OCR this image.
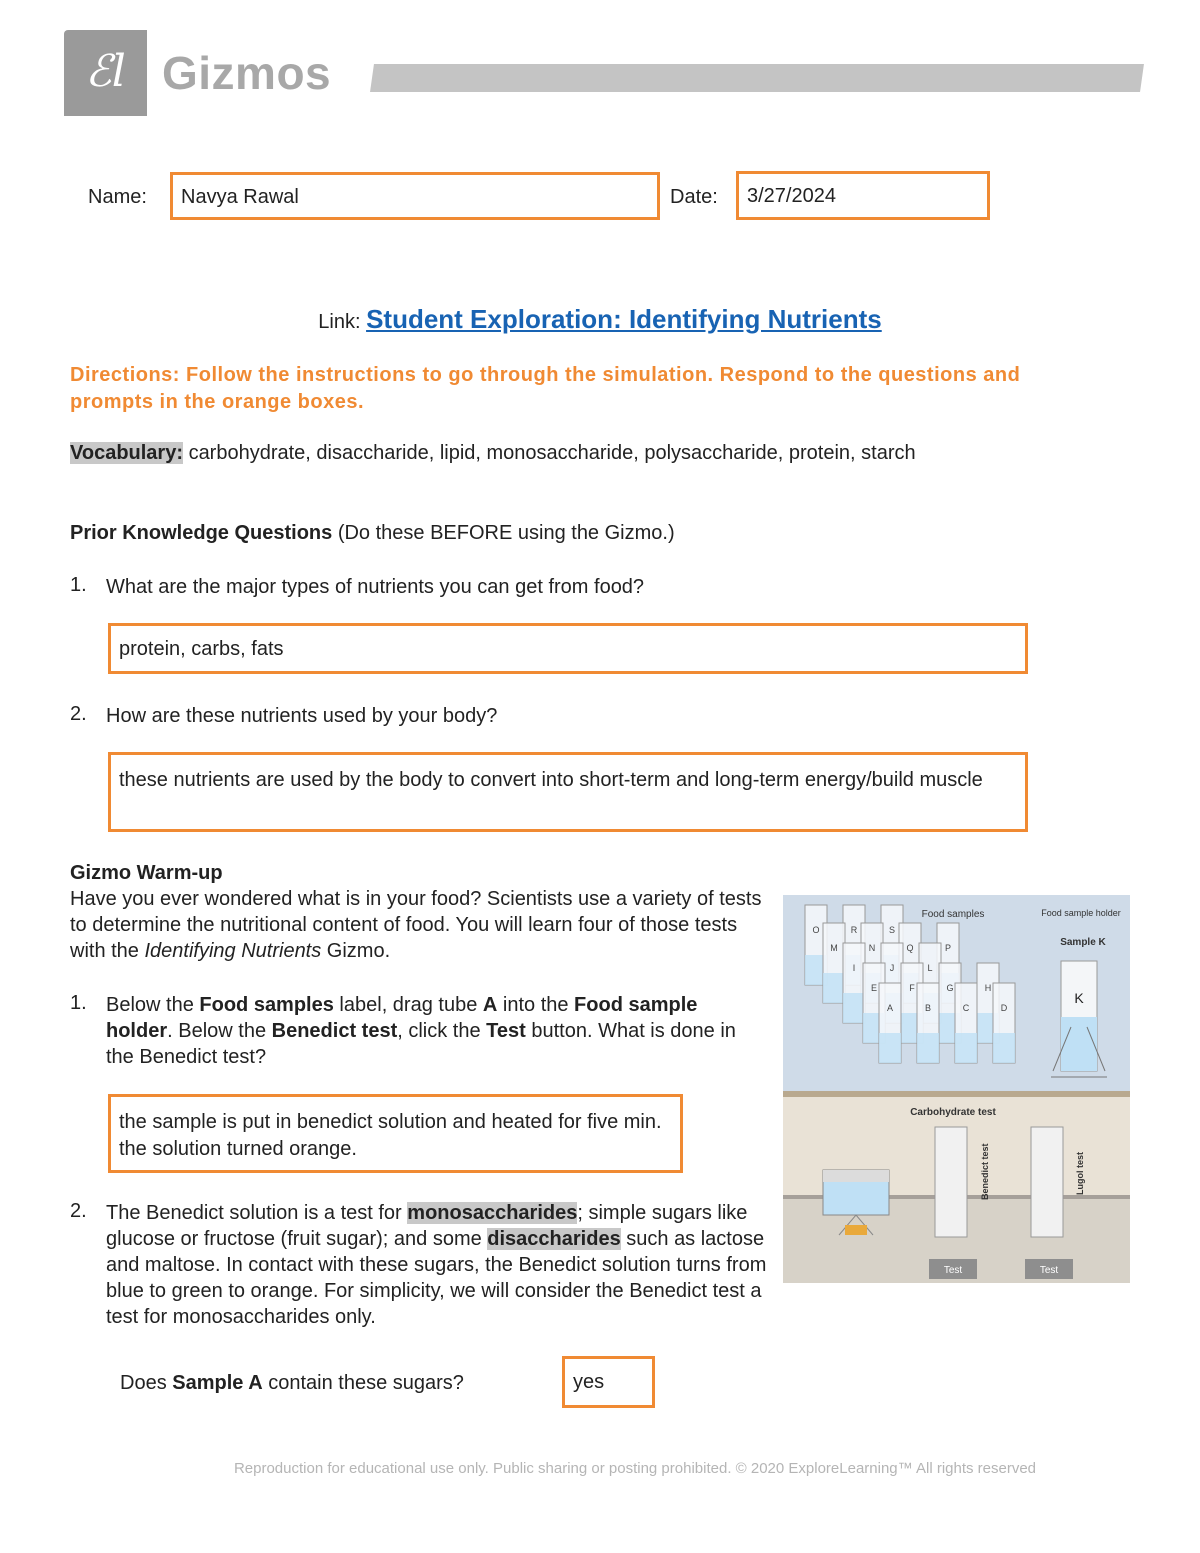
ℰl Gizmos
Name:	Navya Rawal	Date:	3/27/2024
Link: Student Exploration: Identifying Nutrients
Directions: Follow the instructions to go through the simulation. Respond to the questions and prompts in the orange boxes.
Vocabulary: carbohydrate, disaccharide, lipid, monosaccharide, polysaccharide, protein, starch
Prior Knowledge Questions (Do these BEFORE using the Gizmo.)
1. What are the major types of nutrients you can get from food?
protein, carbs, fats
2. How are these nutrients used by your body?
these nutrients are used by the body to convert into short-term and long-term energy/build muscle
Gizmo Warm-up
Have you ever wondered what is in your food? Scientists use a variety of tests to determine the nutritional content of food. You will learn four of those tests with the Identifying Nutrients Gizmo.
1. Below the Food samples label, drag tube A into the Food sample holder. Below the Benedict test, click the Test button. What is done in the Benedict test?
the sample is put in benedict solution and heated for five min. the solution turned orange.
2. The Benedict solution is a test for monosaccharides; simple sugars like glucose or fructose (fruit sugar); and some disaccharides such as lactose and maltose. In contact with these sugars, the Benedict solution turns from blue to green to orange. For simplicity, we will consider the Benedict test a test for monosaccharides only.
Does Sample A contain these sugars?	yes
Food samples	Food sample holder
Sample K
O	R	S
M	N	Q	P
I	J	L
E	F	G	H
A	B	C	D
K
Carbohydrate test
Benedict test	Lugol test
Test	Test
Reproduction for educational use only. Public sharing or posting prohibited. © 2020 ExploreLearning™ All rights reserved
